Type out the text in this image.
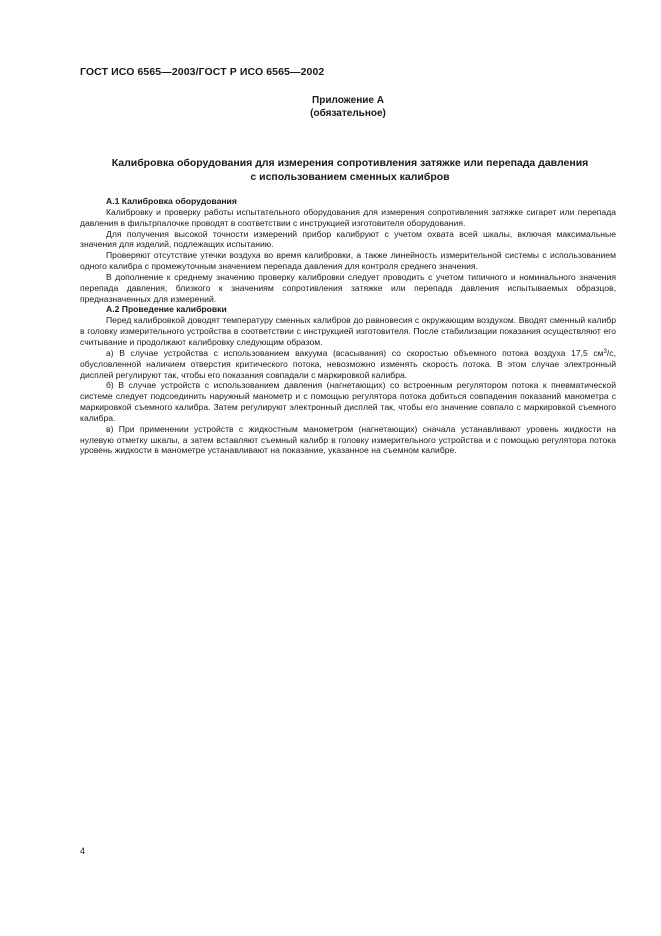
ГОСТ ИСО 6565—2003/ГОСТ Р ИСО 6565—2002
Приложение А
(обязательное)
Калибровка оборудования для измерения сопротивления затяжке или перепада давления
с использованием сменных калибров

А.1 Калибровка оборудования

Калибровку и проверку работы испытательного оборудования для измерения сопротивления затяжке сигарет или перепада давления в фильтрпалочке проводят в соответствии с инструкцией изготовителя оборудования.

Для получения высокой точности измерений прибор калибруют с учетом охвата всей шкалы, включая максимальные значения для изделий, подлежащих испытанию.

Проверяют отсутствие утечки воздуха во время калибровки, а также линейность измерительной системы с использованием одного калибра с промежуточным значением перепада давления для контроля среднего значения.

В дополнение к среднему значению проверку калибровки следует проводить с учетом типичного и номинального значения перепада давления, близкого к значениям сопротивления затяжке или перепада давления испытываемых образцов, предназначенных для измерений.

А.2 Проведение калибровки

Перед калибровкой доводят температуру сменных калибров до равновесия с окружающим воздухом. Вводят сменный калибр в головку измерительного устройства в соответствии с инструкцией изготовителя. После стабилизации показания осуществляют его считывание и продолжают калибровку следующим образом.

а) В случае устройства с использованием вакуума (всасывания) со скоростью объемного потока воздуха 17,5 $см^3/с$, обусловленной наличием отверстия критического потока, невозможно изменять скорость потока. В этом случае электронный дисплей регулируют так, чтобы его показания совпадали с маркировкой калибра.

б) В случае устройств с использованием давления (нагнетающих) со встроенным регулятором потока к пневматической системе следует подсоединить наружный манометр и с помощью регулятора потока добиться совпадения показаний манометра с маркировкой съемного калибра. Затем регулируют электронный дисплей так, чтобы его значение совпало с маркировкой съемного калибра.

в) При применении устройств с жидкостным манометром (нагнетающих) сначала устанавливают уровень жидкости на нулевую отметку шкалы, а затем вставляют съемный калибр в головку измерительного устройства и с помощью регулятора потока уровень жидкости в манометре устанавливают на показание, указанное на съемном калибре.

4
